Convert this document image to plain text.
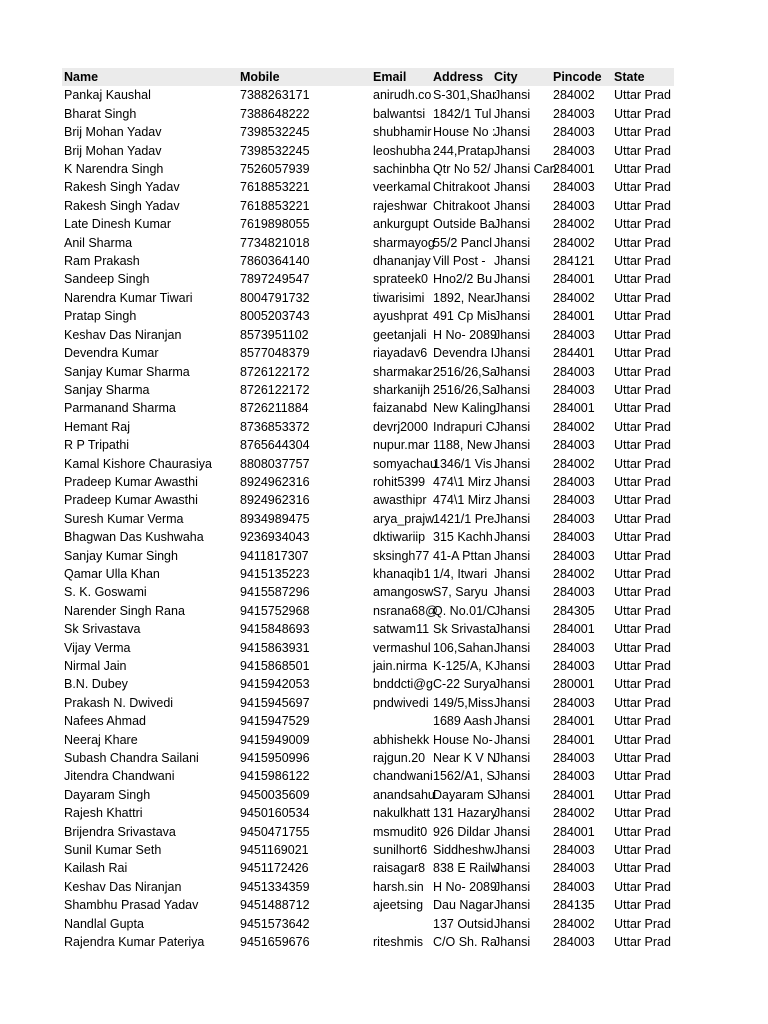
Name	Mobile	Email	Address	City	Pincode	State
Pankaj Kaushal	7388263171	anirudh.co	S-301,Shar	Jhansi	284002	Uttar Prad
Bharat Singh	7388648222	balwantsi	1842/1 Tul	Jhansi	284003	Uttar Prad
Brij Mohan Yadav	7398532245	shubhamir	House No :	Jhansi	284003	Uttar Prad
Brij Mohan Yadav	7398532245	leoshubha	244,Pratap	Jhansi	284003	Uttar Prad
K Narendra Singh	7526057939	sachinbha	Qtr No 52/	Jhansi Can	284001	Uttar Prad
Rakesh Singh Yadav	7618853221	veerkamal	Chitrakoot	Jhansi	284003	Uttar Prad
Rakesh Singh Yadav	7618853221	rajeshwar	Chitrakoot	Jhansi	284003	Uttar Prad
Late Dinesh Kumar	7619898055	ankurgupt	Outside Ba	Jhansi	284002	Uttar Prad
Anil Sharma	7734821018	sharmayog	55/2 Pancl	Jhansi	284002	Uttar Prad
Ram Prakash	7860364140	dhananjay	Vill Post -	Jhansi	284121	Uttar Prad
Sandeep Singh	7897249547	sprateek0	Hno2/2 Bu	Jhansi	284001	Uttar Prad
Narendra Kumar Tiwari	8004791732	tiwarisimi	1892, Near	Jhansi	284002	Uttar Prad
Pratap Singh	8005203743	ayushprat	491 Cp Mis	Jhansi	284001	Uttar Prad
Keshav Das Niranjan	8573951102	geetanjali	H No- 2089	Jhansi	284003	Uttar Prad
Devendra Kumar	8577048379	riayadav6	Devendra I	Jhansi	284401	Uttar Prad
Sanjay Kumar Sharma	8726122172	sharmakar	2516/26,Sa	Jhansi	284003	Uttar Prad
Sanjay Sharma	8726122172	sharkanijh	2516/26,Sa	Jhansi	284003	Uttar Prad
Parmanand Sharma	8726211884	faizanabd	New Kaling	Jhansi	284001	Uttar Prad
Hemant Raj	8736853372	devrj2000	Indrapuri C	Jhansi	284002	Uttar Prad
R P Tripathi	8765644304	nupur.mar	1188, New	Jhansi	284003	Uttar Prad
Kamal Kishore Chaurasiya	8808037757	somyachau	1346/1 Vis	Jhansi	284002	Uttar Prad
Pradeep Kumar Awasthi	8924962316	rohit5399	474\1 Mirz	Jhansi	284003	Uttar Prad
Pradeep Kumar Awasthi	8924962316	awasthipr	474\1 Mirz	Jhansi	284003	Uttar Prad
Suresh Kumar Verma	8934989475	arya_prajw	1421/1 Pre	Jhansi	284003	Uttar Prad
Bhagwan Das Kushwaha	9236934043	dktiwariip	315 Kachh	Jhansi	284003	Uttar Prad
Sanjay Kumar Singh	9411817307	sksingh77	41-A Pttan	Jhansi	284003	Uttar Prad
Qamar Ulla Khan	9415135223	khanaqib1	1/4, Itwari	Jhansi	284002	Uttar Prad
S. K. Goswami	9415587296	amangosw	S7, Saryu	Jhansi	284003	Uttar Prad
Narender Singh Rana	9415752968	nsrana68@	Q. No.01/C	Jhansi	284305	Uttar Prad
Sk Srivastava	9415848693	satwam11	Sk Srivasta	Jhansi	284001	Uttar Prad
Vijay Verma	9415863931	vermashul	106,Sahan	Jhansi	284003	Uttar Prad
Nirmal Jain	9415868501	jain.nirma	K-125/A, K	Jhansi	284003	Uttar Prad
B.N. Dubey	9415942053	bnddcti@g	C-22 Surya	Jhansi	280001	Uttar Prad
Prakash N. Dwivedi	9415945697	pndwivedi	149/5,Miss	Jhansi	284003	Uttar Prad
Nafees Ahmad	9415947529		1689 Aash	Jhansi	284001	Uttar Prad
Neeraj Khare	9415949009	abhishekk	House No-	Jhansi	284001	Uttar Prad
Subash Chandra Sailani	9415950996	rajgun.20	Near K V N	Jhansi	284003	Uttar Prad
Jitendra Chandwani	9415986122	chandwani	1562/A1, S	Jhansi	284003	Uttar Prad
Dayaram Singh	9450035609	anandsahu	Dayaram S	Jhansi	284001	Uttar Prad
Rajesh Khattri	9450160534	nakulkhatt	131 Hazary	Jhansi	284002	Uttar Prad
Brijendra Srivastava	9450471755	msmudit0	926 Dildar	Jhansi	284001	Uttar Prad
Sunil Kumar Seth	9451169021	sunilhort6	Siddheshw	Jhansi	284003	Uttar Prad
Kailash Rai	9451172426	raisagar8	838 E Railw	Jhansi	284003	Uttar Prad
Keshav Das Niranjan	9451334359	harsh.sin	H No- 2089	Jhansi	284003	Uttar Prad
Shambhu Prasad Yadav	9451488712	ajeetsing	Dau Nagar	Jhansi	284135	Uttar Prad
Nandlal Gupta	9451573642		137 Outsid	Jhansi	284002	Uttar Prad
Rajendra Kumar Pateriya	9451659676	riteshmis	C/O Sh. Ra	Jhansi	284003	Uttar Prad
